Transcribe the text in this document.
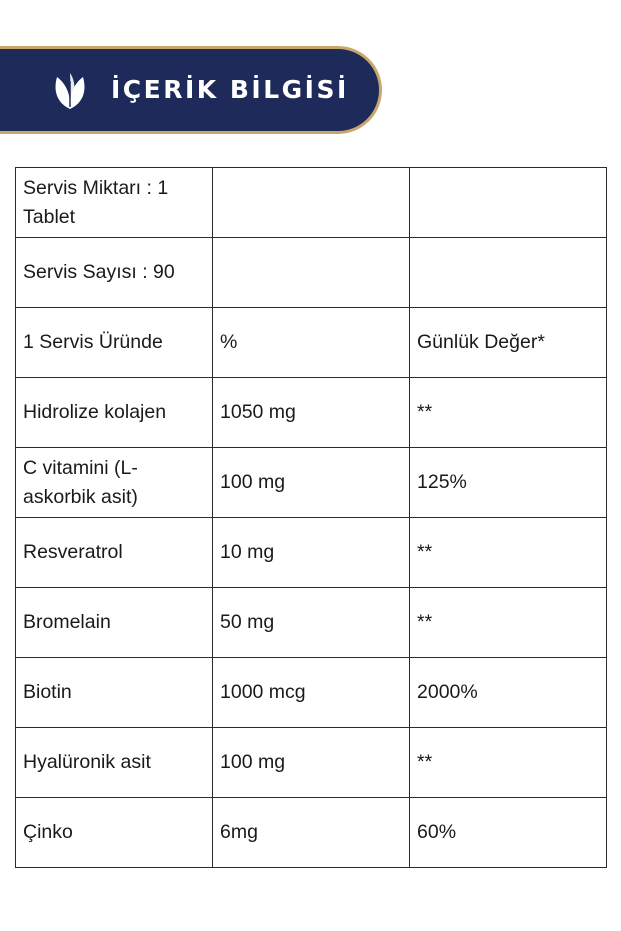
İÇERİK BİLGİSİ
Servis Miktarı : 1 Tablet		
Servis Sayısı : 90		
1 Servis Üründe	%	Günlük Değer*
Hidrolize kolajen	1050 mg	**
C vitamini (L-askorbik asit)	100 mg	125%
Resveratrol	10 mg	**
Bromelain	50 mg	**
Biotin	1000 mcg	2000%
Hyalüronik asit	100 mg	**
Çinko	6mg	60%
